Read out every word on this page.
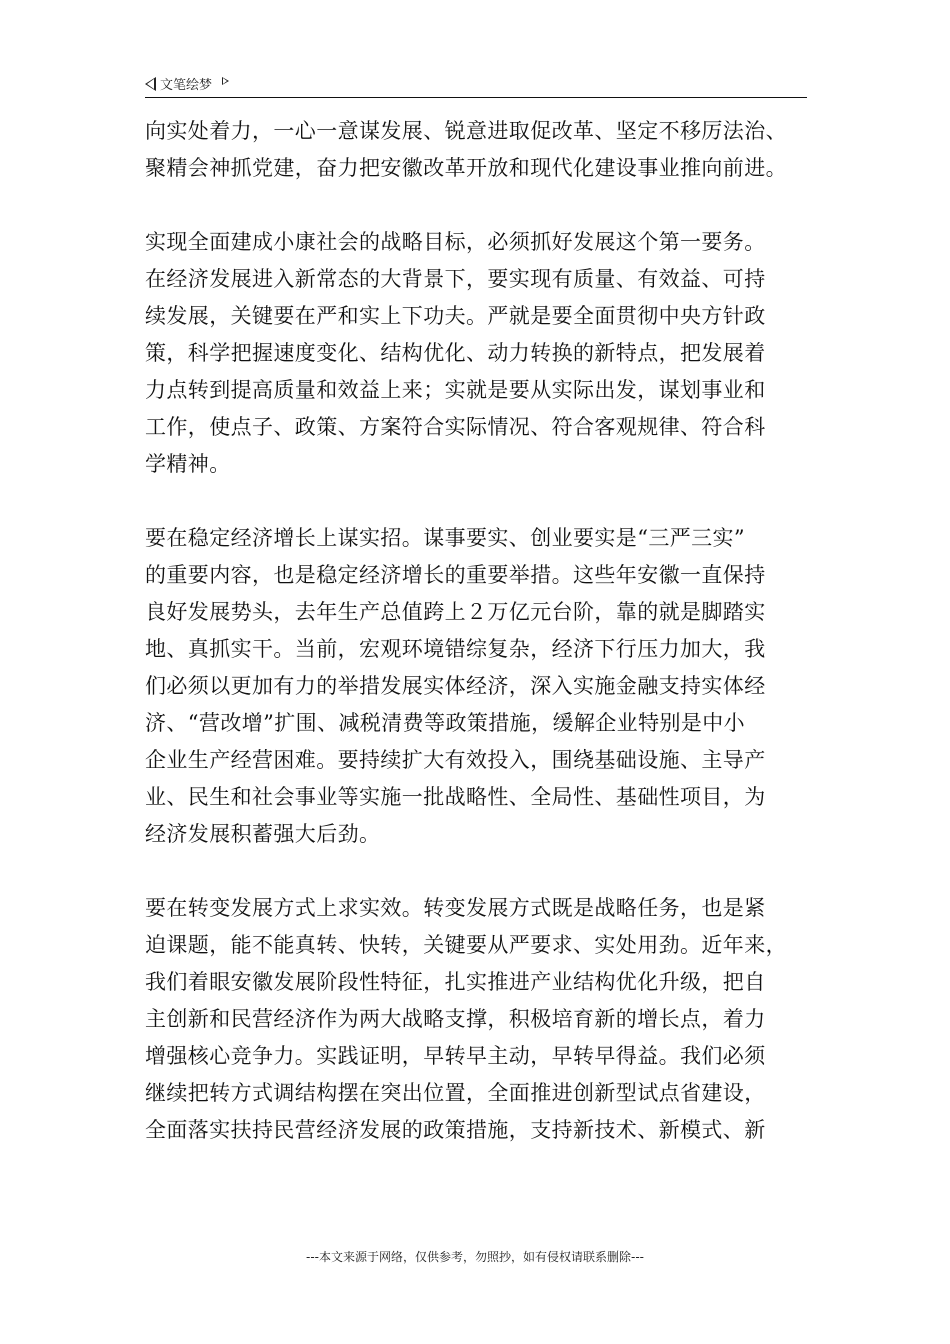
文笔绘梦

向实处着力，一心一意谋发展、锐意进取促改革、坚定不移厉法治、
聚精会神抓党建，奋力把安徽改革开放和现代化建设事业推向前进。

实现全面建成小康社会的战略目标，必须抓好发展这个第一要务。
在经济发展进入新常态的大背景下，要实现有质量、有效益、可持
续发展，关键要在严和实上下功夫。严就是要全面贯彻中央方针政
策，科学把握速度变化、结构优化、动力转换的新特点，把发展着
力点转到提高质量和效益上来；实就是要从实际出发，谋划事业和
工作，使点子、政策、方案符合实际情况、符合客观规律、符合科
学精神。

要在稳定经济增长上谋实招。谋事要实、创业要实是“三严三实”
的重要内容，也是稳定经济增长的重要举措。这些年安徽一直保持
良好发展势头，去年生产总值跨上２万亿元台阶，靠的就是脚踏实
地、真抓实干。当前，宏观环境错综复杂，经济下行压力加大，我
们必须以更加有力的举措发展实体经济，深入实施金融支持实体经
济、“营改增”扩围、减税清费等政策措施，缓解企业特别是中小
企业生产经营困难。要持续扩大有效投入，围绕基础设施、主导产
业、民生和社会事业等实施一批战略性、全局性、基础性项目，为
经济发展积蓄强大后劲。

要在转变发展方式上求实效。转变发展方式既是战略任务，也是紧
迫课题，能不能真转、快转，关键要从严要求、实处用劲。近年来，
我们着眼安徽发展阶段性特征，扎实推进产业结构优化升级，把自
主创新和民营经济作为两大战略支撑，积极培育新的增长点，着力
增强核心竞争力。实践证明，早转早主动，早转早得益。我们必须
继续把转方式调结构摆在突出位置，全面推进创新型试点省建设，
全面落实扶持民营经济发展的政策措施，支持新技术、新模式、新

---本文来源于网络，仅供参考，勿照抄，如有侵权请联系删除---
